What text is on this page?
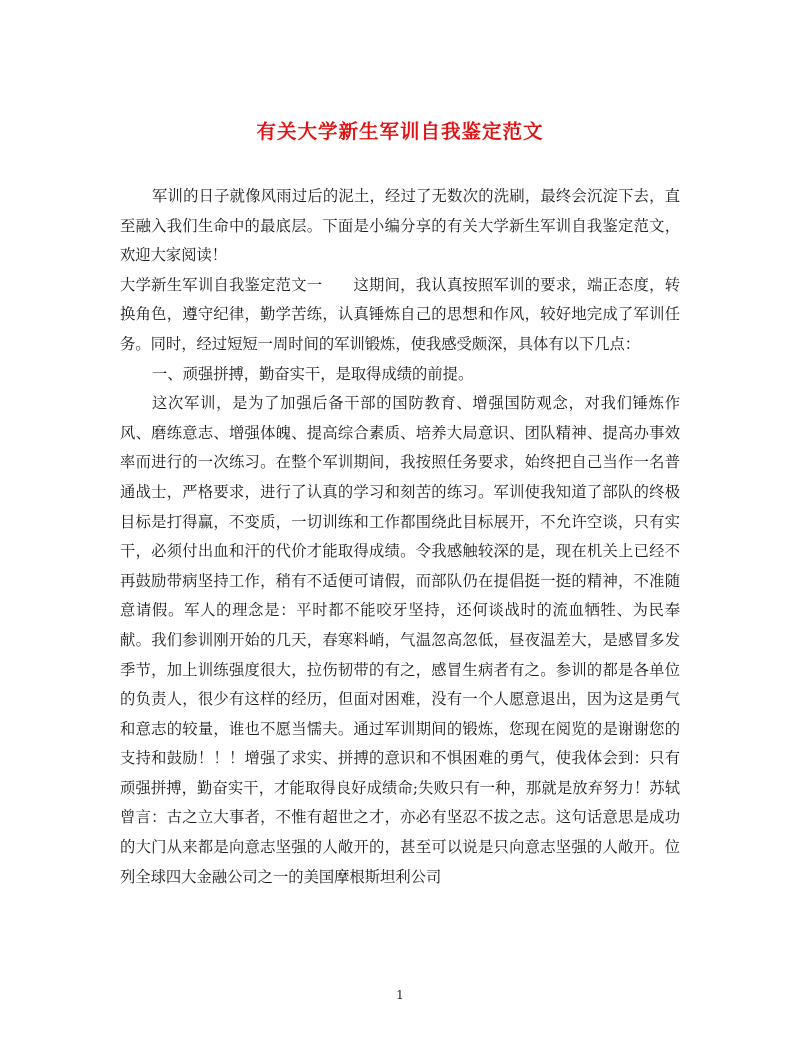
有关大学新生军训自我鉴定范文

军训的日子就像风雨过后的泥土，经过了无数次的洗刷，最终会沉淀下去，直至融入我们生命中的最底层。下面是小编分享的有关大学新生军训自我鉴定范文，欢迎大家阅读！

大学新生军训自我鉴定范文一　　这期间，我认真按照军训的要求，端正态度，转换角色，遵守纪律，勤学苦练，认真锤炼自己的思想和作风，较好地完成了军训任务。同时，经过短短一周时间的军训锻炼，使我感受颇深，具体有以下几点：

一、顽强拼搏，勤奋实干，是取得成绩的前提。

这次军训，是为了加强后备干部的国防教育、增强国防观念，对我们锤炼作风、磨练意志、增强体魄、提高综合素质、培养大局意识、团队精神、提高办事效率而进行的一次练习。在整个军训期间，我按照任务要求，始终把自己当作一名普通战士，严格要求，进行了认真的学习和刻苦的练习。军训使我知道了部队的终极目标是打得赢，不变质，一切训练和工作都围绕此目标展开，不允许空谈，只有实干，必须付出血和汗的代价才能取得成绩。令我感触较深的是，现在机关上已经不再鼓励带病坚持工作，稍有不适便可请假，而部队仍在提倡挺一挺的精神，不准随意请假。军人的理念是：平时都不能咬牙坚持，还何谈战时的流血牺牲、为民奉献。我们参训刚开始的几天，春寒料峭，气温忽高忽低，昼夜温差大，是感冒多发季节，加上训练强度很大，拉伤韧带的有之，感冒生病者有之。参训的都是各单位的负责人，很少有这样的经历，但面对困难，没有一个人愿意退出，因为这是勇气和意志的较量，谁也不愿当懦夫。通过军训期间的锻炼，您现在阅览的是谢谢您的支持和鼓励！！！增强了求实、拼搏的意识和不惧困难的勇气，使我体会到：只有顽强拼搏，勤奋实干，才能取得良好成绩命;失败只有一种，那就是放弃努力！苏轼曾言：古之立大事者，不惟有超世之才，亦必有坚忍不拔之志。这句话意思是成功的大门从来都是向意志坚强的人敞开的，甚至可以说是只向意志坚强的人敞开。位列全球四大金融公司之一的美国摩根斯坦利公司

1
